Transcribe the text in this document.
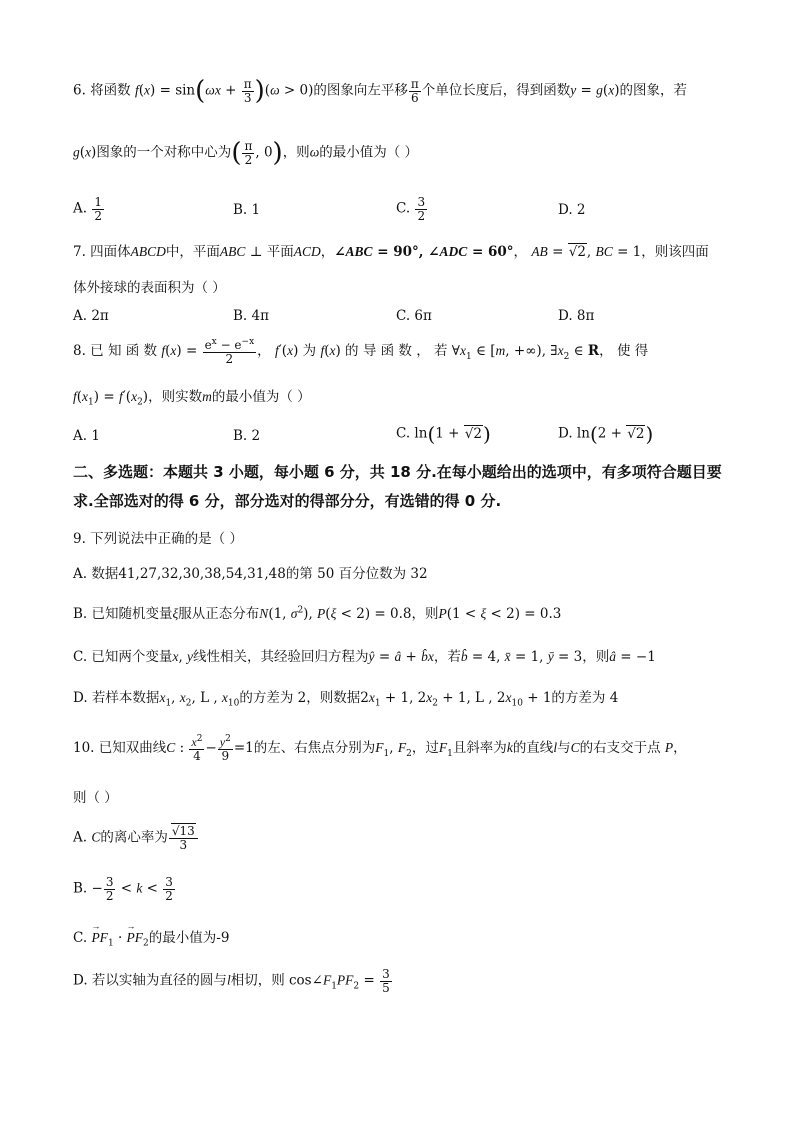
6. 将函数 $f(x) = \sin(\omega x + \frac{\pi}{3} )(\omega > 0)$的图象向左平移 $\frac{\pi}{6}$ 个单位长度后，得到函数y = g(x)的图象，若
g(x)图象的一个对称中心为( $\frac{\pi}{2}$ , 0)，则ω的最小值为（ ）
A. $\frac{1}{2}$	B. 1	C. $\frac{3}{2}$	D. 2
7. 四面体ABCD中，平面ABC ⊥ 平面ACD，∠ABC = 90°, ∠ADC = 60°， AB = √2, BC = 1，则该四面
体外接球的表面积为（ ）
A. 2π	B. 4π	C. 6π	D. 8π
8. 已 知 函 数 $f(x) = \frac{e^x - e^{-x}}{2}$ ， f′(x) 为 f(x) 的 导 函 数 ， 若 $\forall x_1$ ∈ [m, +∞), $\exists x_2$ ∈ R， 使 得
$f(x_1) = f'(x_2)$，则实数m的最小值为（ ）
A. 1	B. 2	C. ln(1 + √2)	D. ln(2 + √2)
二、多选题：本题共 3 小题，每小题 6 分，共 18 分.在每小题给出的选项中，有多项符合题目要求.全部选对的得 6 分，部分选对的得部分分，有选错的得 0 分.
9. 下列说法中正确的是（ ）
A. 数据41,27,32,30,38,54,31,48的第 50 百分位数为 32
B. 已知随机变量ξ服从正态分布N(1, $\sigma^2$), P(ξ < 2) = 0.8，则P(1 < ξ < 2) = 0.3
C. 已知两个变量x, y线性相关，其经验回归方程为ŷ = â + b̂x，若b̂ = 4, x̄ = 1, ȳ = 3，则â = −1
D. 若样本数据$x_1$, $x_2$, L , $x_{10}$的方差为 2，则数据$2x_1 + 1$, $2x_2 + 1$, L , $2x_{10} + 1$的方差为 4
10. 已知双曲线C : $\frac{x^2}{4} - \frac{y^2}{9} =1$的左、右焦点分别为$F_1$, $F_2$，过$F_1$且斜率为k的直线l与C的右支交于点 P，
则（ ）
A. C的离心率为 $\frac{√13}{3}$
B. − $\frac{3}{2} < k < \frac{3}{2}$
C. → $PF_1$ · → $PF_2$的最小值为-9
D. 若以实轴为直径的圆与l相切，则 $\cos\angle F_1PF_2 = \frac{3}{5}$
